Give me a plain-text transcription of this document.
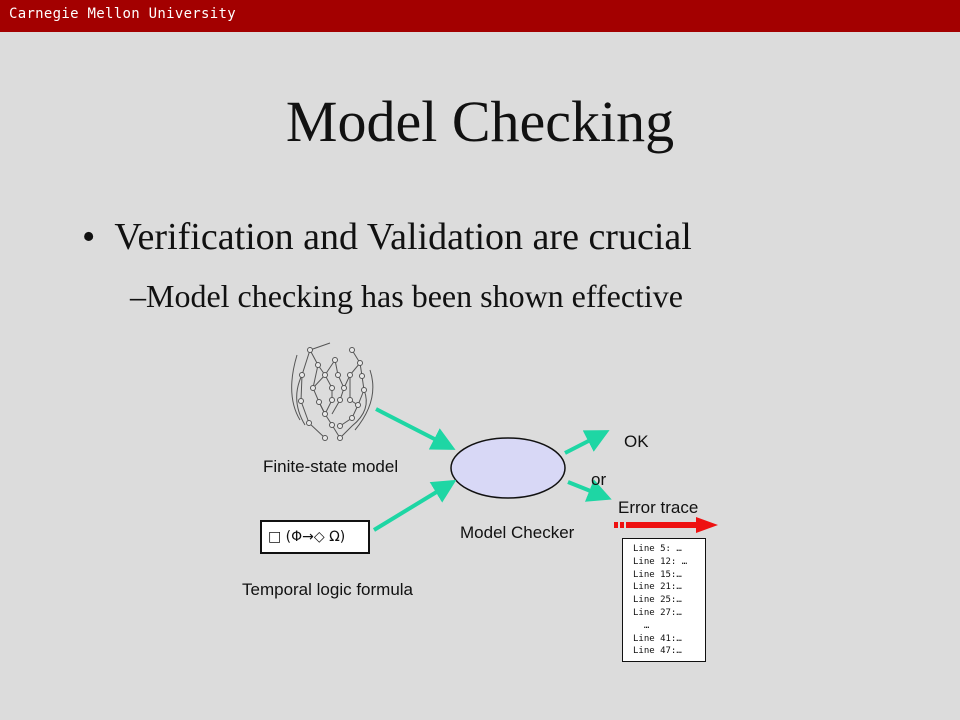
Carnegie Mellon University
Model Checking
•  Verification and Validation are crucial
–Model checking has been shown effective
Finite-state model
□ (Φ→◇ Ω)
Temporal logic formula
Model Checker
OK
or
Error trace
Line 5: …
Line 12: …
Line 15:…
Line 21:…
Line 25:…
Line 27:…
…
Line 41:…
Line 47:…
